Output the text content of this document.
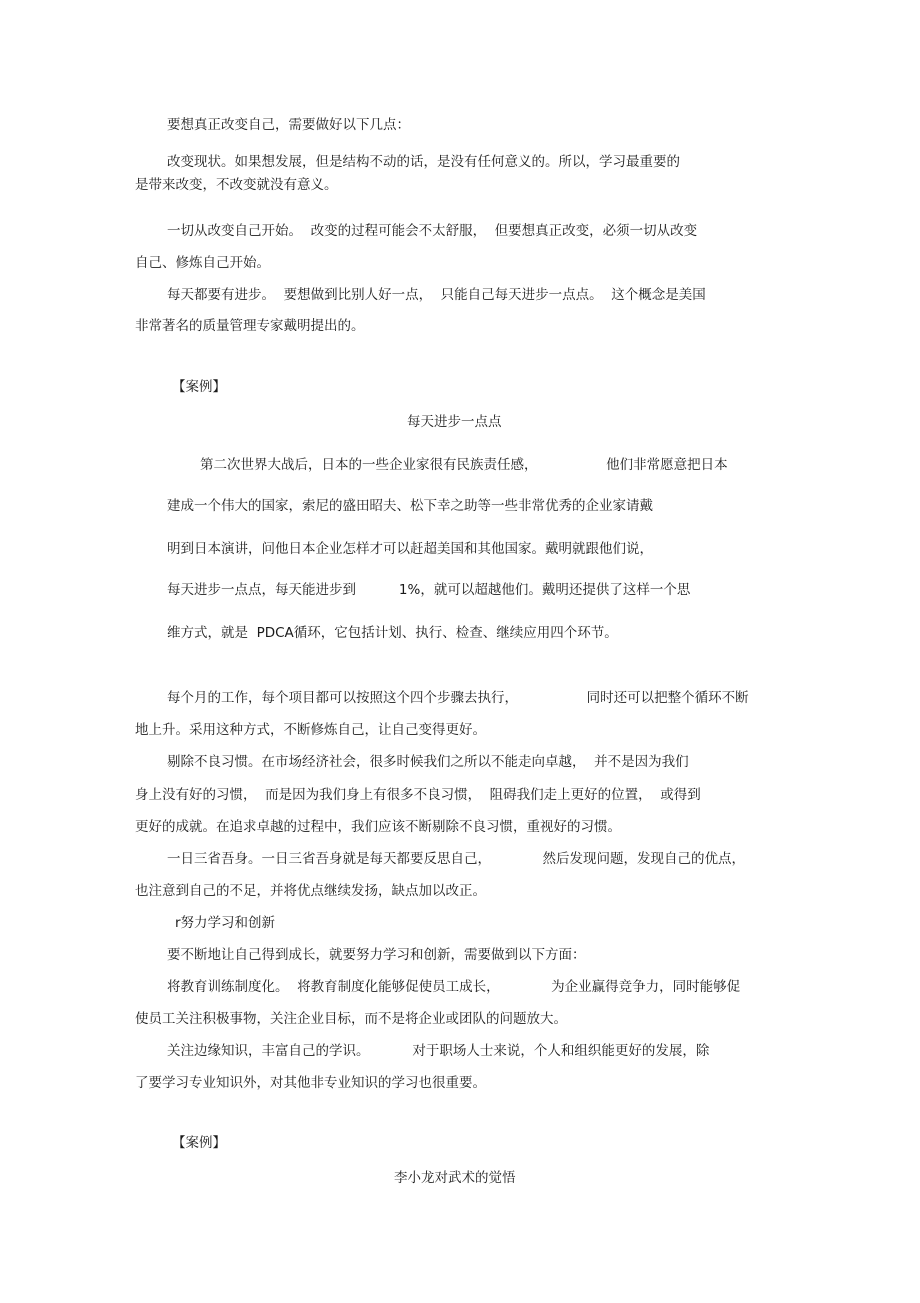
要想真正改变自己，需要做好以下几点：

改变现状。如果想发展，但是结构不动的话，是没有任何意义的。所以，学习最重要的

是带来改变，不改变就没有意义。

一切从改变自己开始。  改变的过程可能会不太舒服，  但要想真正改变，必须一切从改变

自己、修炼自己开始。

每天都要有进步。  要想做到比别人好一点，  只能自己每天进步一点点。  这个概念是美国

非常著名的质量管理专家戴明提出的。

【案例】

每天进步一点点

第二次世界大战后，日本的一些企业家很有民族责任感，                他们非常愿意把日本

建成一个伟大的国家，索尼的盛田昭夫、松下幸之助等一些非常优秀的企业家请戴

明到日本演讲，问他日本企业怎样才可以赶超美国和其他国家。戴明就跟他们说，

每天进步一点点，每天能进步到          1%，就可以超越他们。戴明还提供了这样一个思

维方式，就是  PDCA循环，它包括计划、执行、检查、继续应用四个环节。

每个月的工作，每个项目都可以按照这个四个步骤去执行，                同时还可以把整个循环不断

地上升。采用这种方式，不断修炼自己，让自己变得更好。

剔除不良习惯。在市场经济社会，很多时候我们之所以不能走向卓越，  并不是因为我们

身上没有好的习惯，  而是因为我们身上有很多不良习惯，  阻碍我们走上更好的位置，  或得到

更好的成就。在追求卓越的过程中，我们应该不断剔除不良习惯，重视好的习惯。

一日三省吾身。一日三省吾身就是每天都要反思自己，            然后发现问题，发现自己的优点，

也注意到自己的不足，并将优点继续发扬，缺点加以改正。

r努力学习和创新

要不断地让自己得到成长，就要努力学习和创新，需要做到以下方面：

将教育训练制度化。  将教育制度化能够促使员工成长，            为企业赢得竞争力，同时能够促

使员工关注积极事物，关注企业目标，而不是将企业或团队的问题放大。

关注边缘知识，丰富自己的学识。          对于职场人士来说，个人和组织能更好的发展，除

了要学习专业知识外，对其他非专业知识的学习也很重要。

【案例】

李小龙对武术的觉悟
